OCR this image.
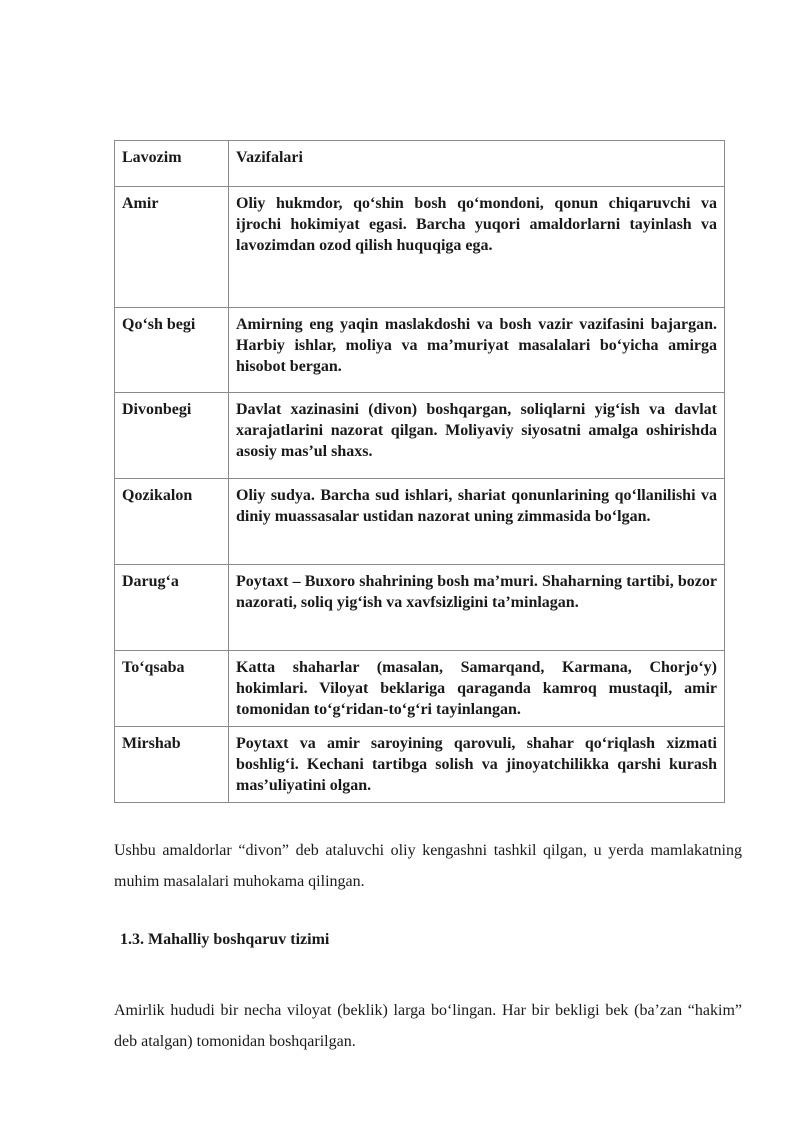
Lavozim	Vazifalari
Amir	Oliy hukmdor, qo‘shin bosh qo‘mondoni, qonun chiqaruvchi va ijrochi hokimiyat egasi. Barcha yuqori amaldorlarni tayinlash va lavozimdan ozod qilish huquqiga ega.
Qo‘sh begi	Amirning eng yaqin maslakdoshi va bosh vazir vazifasini bajargan. Harbiy ishlar, moliya va ma’muriyat masalalari bo‘yicha amirga hisobot bergan.
Divonbegi	Davlat xazinasini (divon) boshqargan, soliqlarni yig‘ish va davlat xarajatlarini nazorat qilgan. Moliyaviy siyosatni amalga oshirishda asosiy mas’ul shaxs.
Qozikalon	Oliy sudya. Barcha sud ishlari, shariat qonunlarining qo‘llanilishi va diniy muassasalar ustidan nazorat uning zimmasida bo‘lgan.
Darug‘a	Poytaxt – Buxoro shahrining bosh ma’muri. Shaharning tartibi, bozor nazorati, soliq yig‘ish va xavfsizligini ta’minlagan.
To‘qsaba	Katta shaharlar (masalan, Samarqand, Karmana, Chorjo‘y) hokimlari. Viloyat beklariga qaraganda kamroq mustaqil, amir tomonidan to‘g‘ridan-to‘g‘ri tayinlangan.
Mirshab	Poytaxt va amir saroyining qarovuli, shahar qo‘riqlash xizmati boshlig‘i. Kechani tartibga solish va jinoyatchilikka qarshi kurash mas’uliyatini olgan.

Ushbu amaldorlar “divon” deb ataluvchi oliy kengashni tashkil qilgan, u yerda mamlakatning muhim masalalari muhokama qilingan.

1.3. Mahalliy boshqaruv tizimi

Amirlik hududi bir necha viloyat (beklik) larga bo‘lingan. Har bir bekligi bek (ba’zan “hakim” deb atalgan) tomonidan boshqarilgan.
